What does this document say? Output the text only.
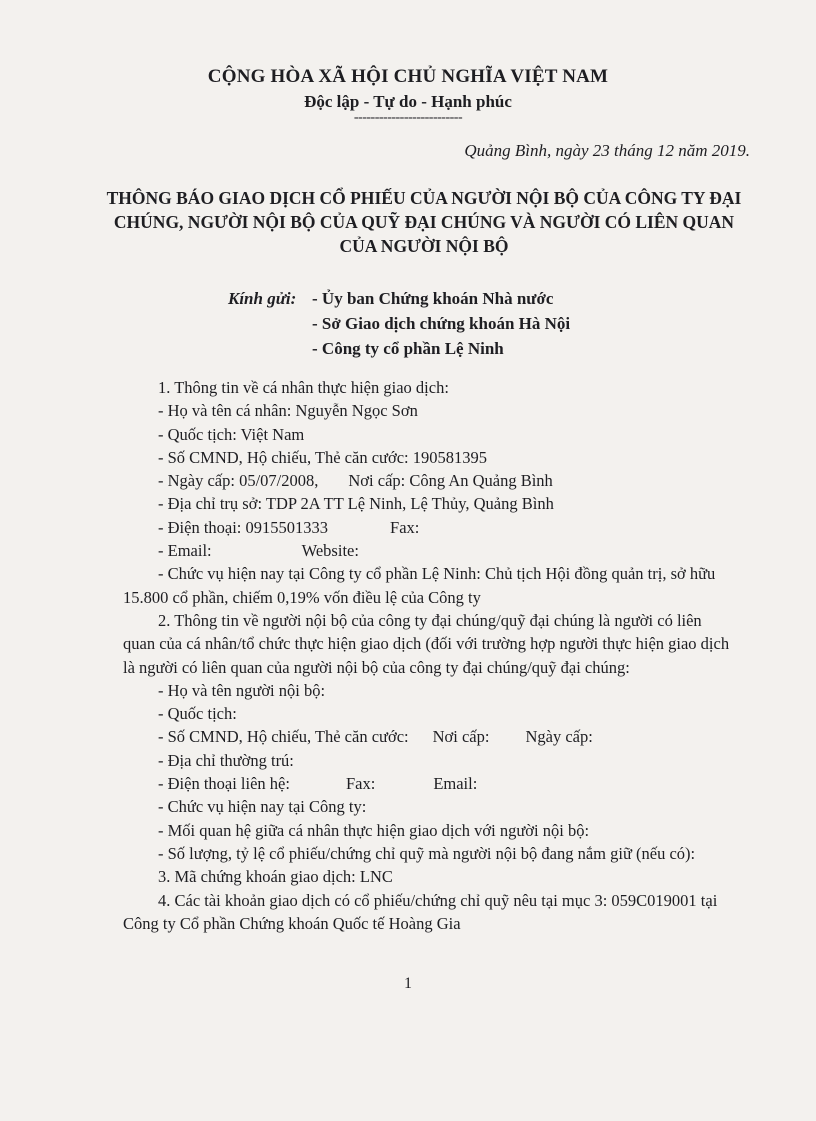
CỘNG HÒA XÃ HỘI CHỦ NGHĨA VIỆT NAM
Độc lập - Tự do - Hạnh phúc
--------------------------
Quảng Bình, ngày 23 tháng 12 năm 2019.
THÔNG BÁO GIAO DỊCH CỔ PHIẾU CỦA NGƯỜI NỘI BỘ CỦA CÔNG TY ĐẠI
CHÚNG, NGƯỜI NỘI BỘ CỦA QUỸ ĐẠI CHÚNG VÀ NGƯỜI CÓ LIÊN QUAN
CỦA NGƯỜI NỘI BỘ
Kính gửi: - Ủy ban Chứng khoán Nhà nước
- Sở Giao dịch chứng khoán Hà Nội
- Công ty cổ phần Lệ Ninh

1. Thông tin về cá nhân thực hiện giao dịch:

- Họ và tên cá nhân: Nguyễn Ngọc Sơn

- Quốc tịch: Việt Nam

- Số CMND, Hộ chiếu, Thẻ căn cước: 190581395

- Ngày cấp: 05/07/2008, Nơi cấp: Công An Quảng Bình

- Địa chỉ trụ sở: TDP 2A TT Lệ Ninh, Lệ Thủy, Quảng Bình

- Điện thoại: 0915501333	Fax:

- Email:	Website:

- Chức vụ hiện nay tại Công ty cổ phần Lệ Ninh: Chủ tịch Hội đồng quản trị, sở hữu

15.800 cổ phần, chiếm 0,19% vốn điều lệ của Công ty

2. Thông tin về người nội bộ của công ty đại chúng/quỹ đại chúng là người có liên

quan của cá nhân/tổ chức thực hiện giao dịch (đối với trường hợp người thực hiện giao dịch
là người có liên quan của người nội bộ của công ty đại chúng/quỹ đại chúng:

- Họ và tên người nội bộ:

- Quốc tịch:

- Số CMND, Hộ chiếu, Thẻ căn cước: Nơi cấp: Ngày cấp:

- Địa chỉ thường trú:

- Điện thoại liên hệ:	Fax:	Email:

- Chức vụ hiện nay tại Công ty:

- Mối quan hệ giữa cá nhân thực hiện giao dịch với người nội bộ:

- Số lượng, tỷ lệ cổ phiếu/chứng chỉ quỹ mà người nội bộ đang nắm giữ (nếu có):

3. Mã chứng khoán giao dịch: LNC

4. Các tài khoản giao dịch có cổ phiếu/chứng chỉ quỹ nêu tại mục 3: 059C019001 tại

Công ty Cổ phần Chứng khoán Quốc tế Hoàng Gia
1
